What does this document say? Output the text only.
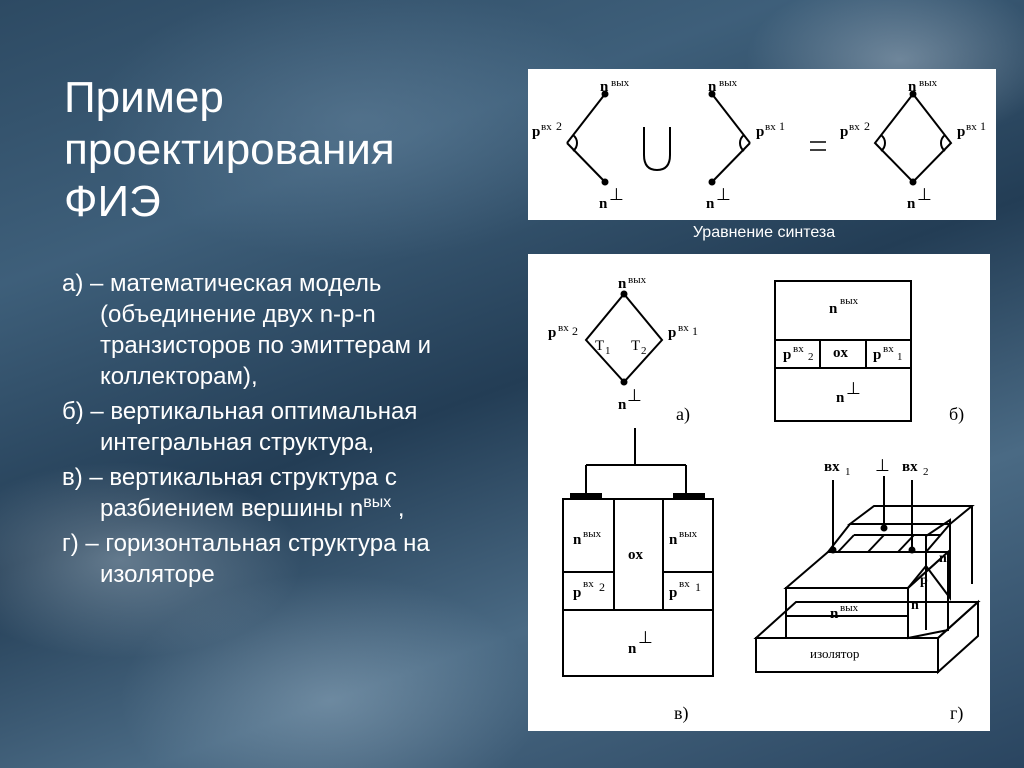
Пример
проектирования
ФИЭ
а) – математическая модель (объединение двух n-p-n транзисторов по эмиттерам и коллекторам),
б) – вертикальная оптимальная интегральная структура,
в) – вертикальная структура с разбиением вершины $n^{вых}$ ,
г) – горизонтальная структура на изоляторе
n вых
p вх 2
n ⊥
n вых
p вх 1
n ⊥
n вых
p вх 2	p вх 1
n ⊥
Уравнение синтеза
n вых
p вх 2	p вх 1
T 1 T 2
n ⊥
а)
n вых
p вх
2 ox p вх
1
n ⊥
б)
n вых
ox
n вых
p
вх 2	p
вх 1
n
⊥
в)
вх 1 ⊥ вх 2
n вых	n
p
n
изолятор
г)
